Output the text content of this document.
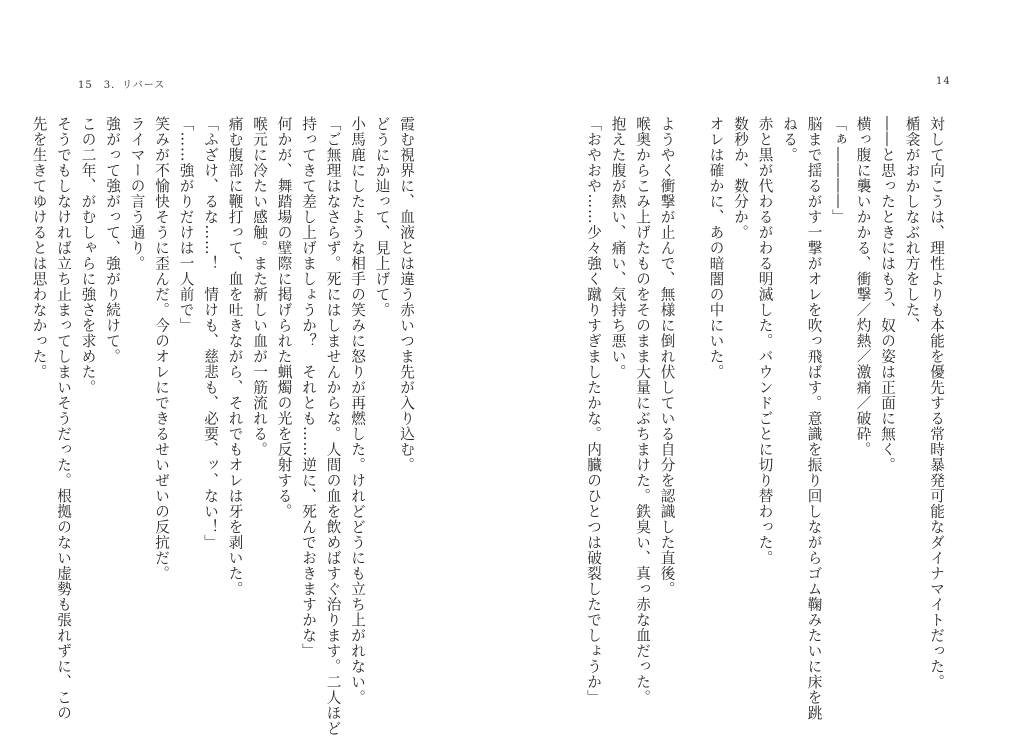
15　3．リバース	14
対して向こうは、理性よりも本能を優先する常時暴発可能なダイナマイトだった。
楯衾がおかしなぶれ方をした、
――と思ったときにはもう、奴の姿は正面に無く。
横っ腹に襲いかかる、衝撃／灼熱／激痛／破砕。
「ぁ――――」
脳まで揺るがす一撃がオレを吹っ飛ばす。意識を振り回しながらゴム鞠みたいに床を跳
ねる。
赤と黒が代わるがわる明滅した。バウンドごとに切り替わった。
数秒か、数分か。
オレは確かに、あの暗闇の中にいた。
ようやく衝撃が止んで、無様に倒れ伏している自分を認識した直後。
喉奥からこみ上げたものをそのまま大量にぶちまけた。鉄臭い、真っ赤な血だった。
抱えた腹が熱い、痛い、気持ち悪い。
「おやおや……少々強く蹴りすぎましたかな。内臓のひとつは破裂したでしょうか」
霞む視界に、血液とは違う赤いつま先が入り込む。
どうにか辿って、見上げて。
小馬鹿にしたような相手の笑みに怒りが再燃した。けれどどうにも立ち上がれない。
「ご無理はなさらず。死にはしませんからな。人間の血を飲めばすぐ治ります。二人ほど
持ってきて差し上げましょうか？　それとも……逆に、死んでおきますかな」
何かが、舞踏場の壁際に掲げられた蝋燭の光を反射する。
喉元に冷たい感触。また新しい血が一筋流れる。
痛む腹部に鞭打って、血を吐きながら、それでもオレは牙を剥いた。
「ふざけ、るな……！　情けも、慈悲も、必要、ッ、ない！」
「……強がりだけは一人前で」
笑みが不愉快そうに歪んだ。今のオレにできるせいぜいの反抗だ。
ライマーの言う通り。
強がって強がって、強がり続けて。
この二年、がむしゃらに強さを求めた。
そうでもしなければ立ち止まってしまいそうだった。根拠のない虚勢も張れずに、この
先を生きてゆけるとは思わなかった。
